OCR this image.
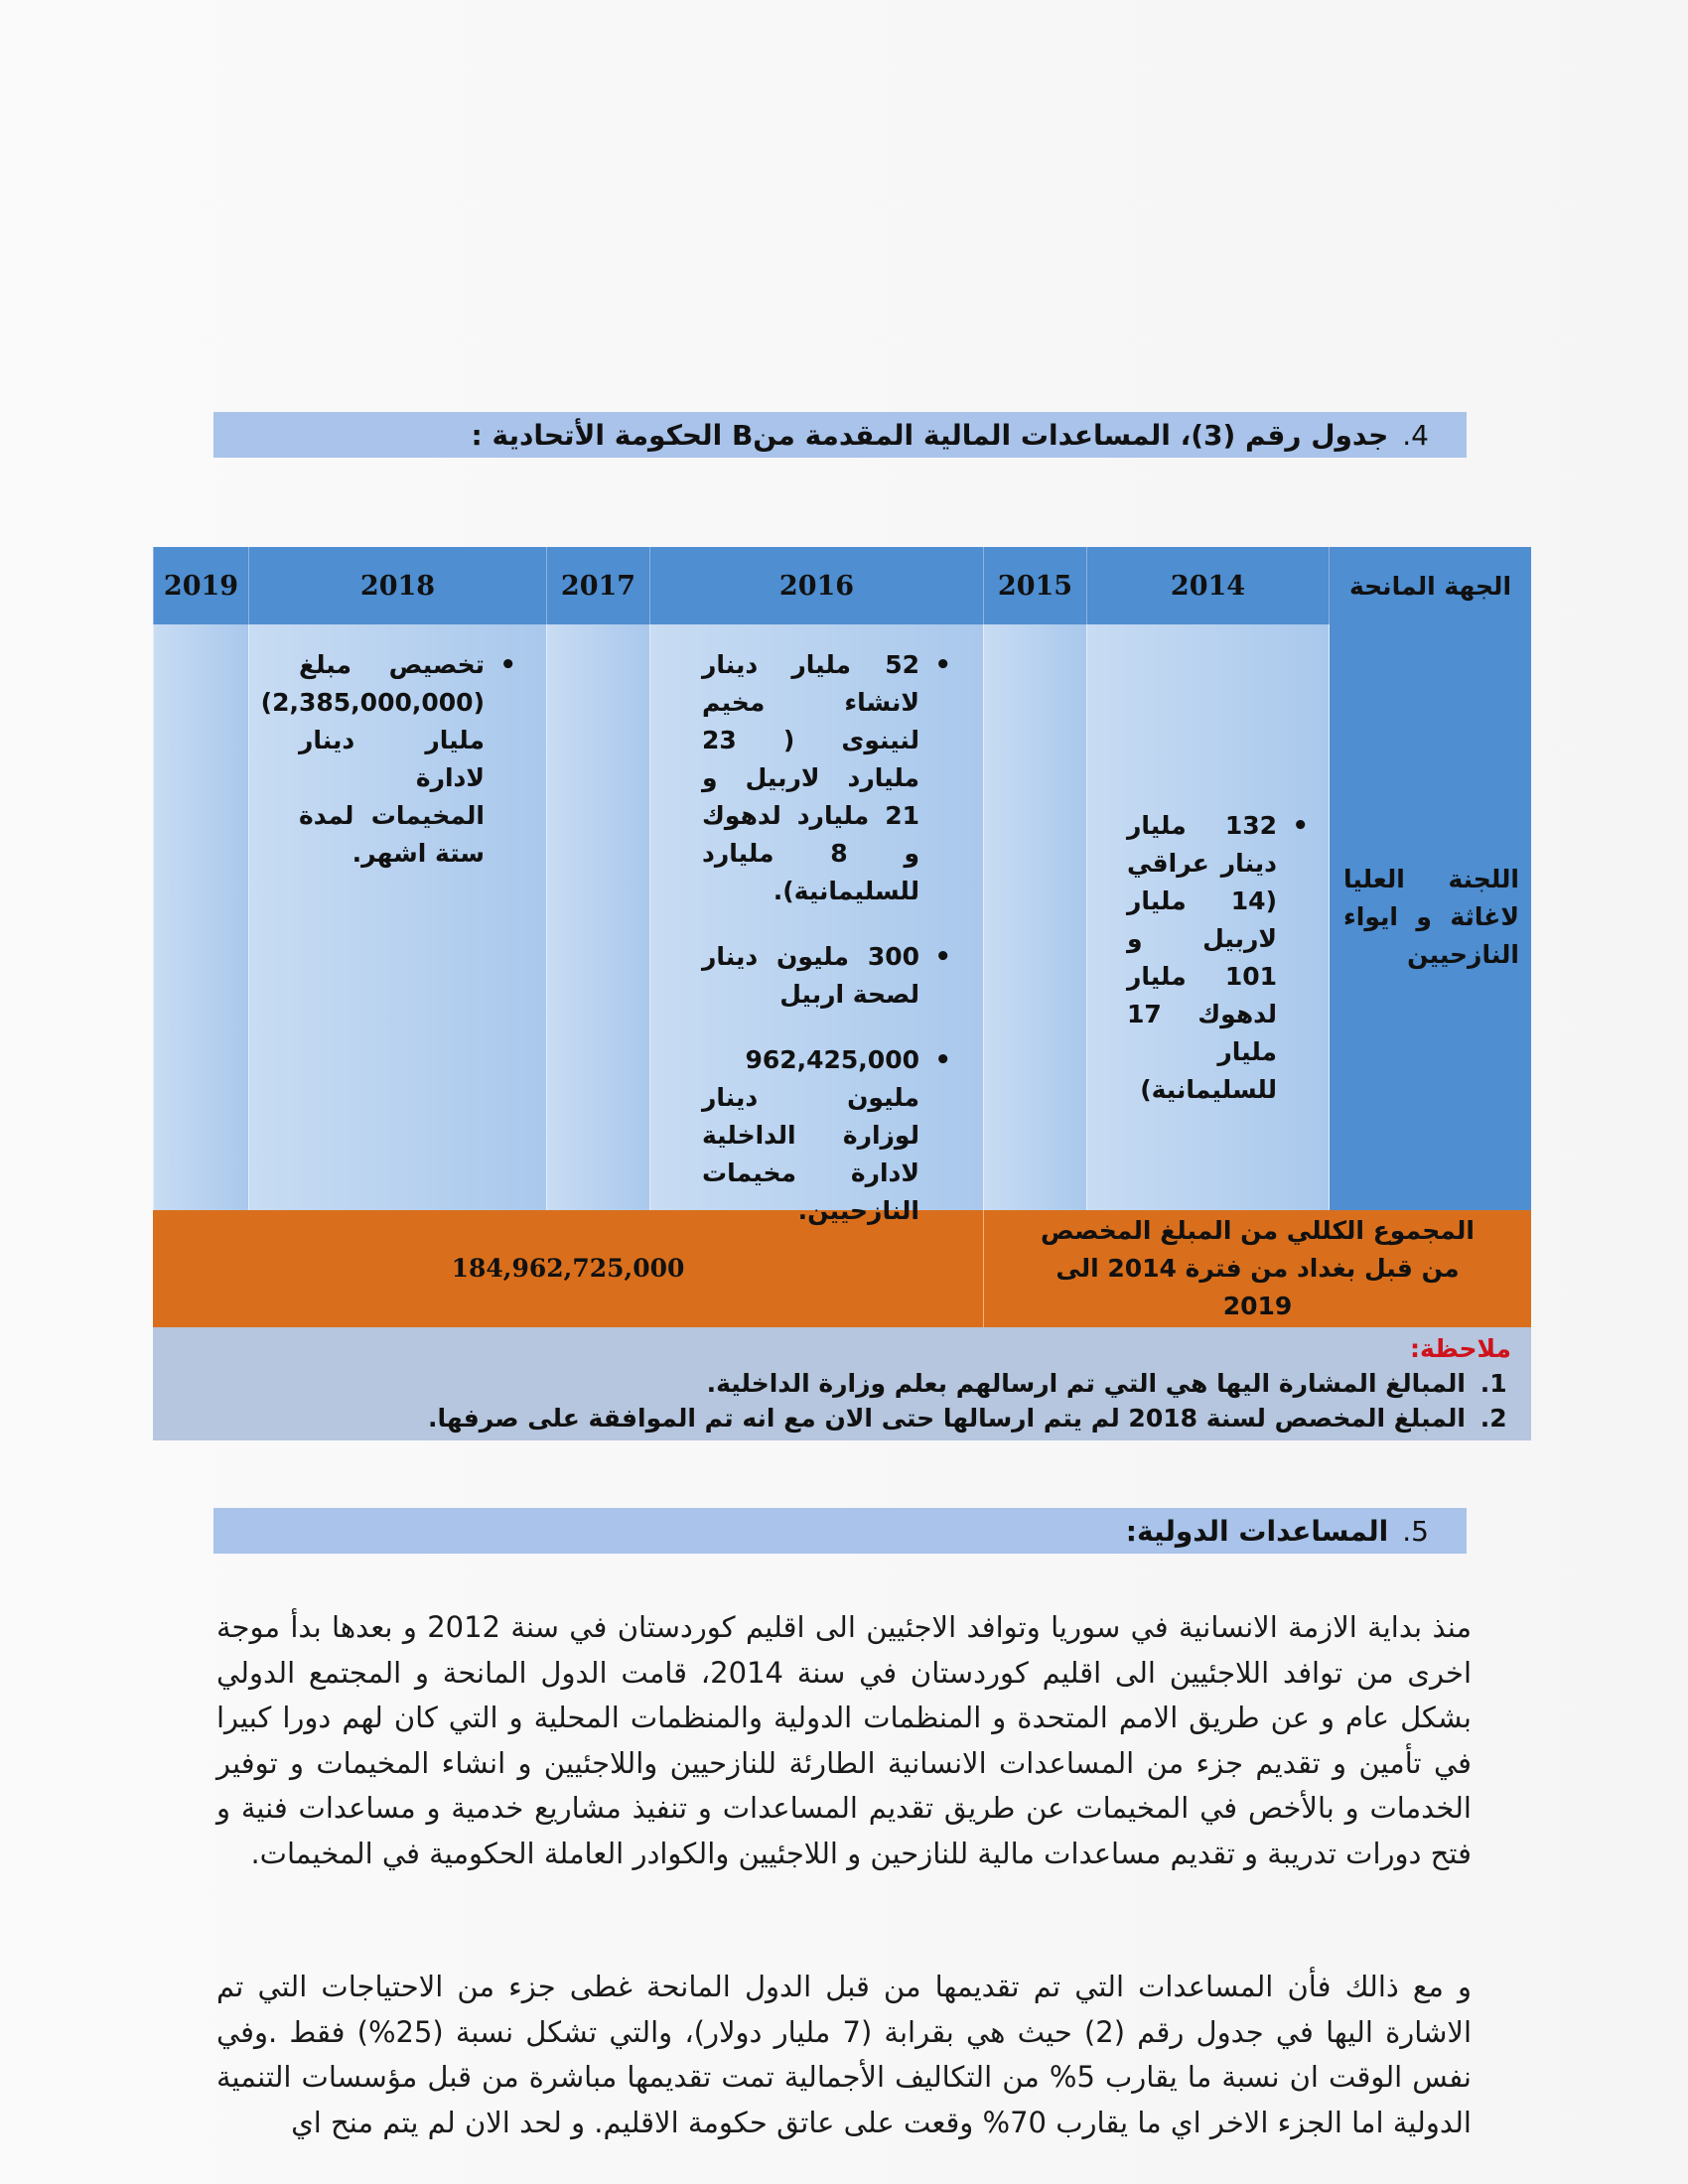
4.
جدول رقم (3)، المساعدات المالية المقدمة منB الحكومة الأتحادية :
الجهة المانحة
2014
2015
2016
2017
2018
2019
اللجنة العليا لاغاثة و ايواء النازحيين
• 132 مليار دينار عراقي (14 مليار لاربيل و 101 مليار لدهوك 17 مليار للسليمانية)
• 52 مليار دينار لانشاء مخيم لنينوى ( 23 مليارد لاربيل و 21 مليارد لدهوك و 8 مليارد للسليمانية).
• 300 مليون دينار لصحة اربيل
• 962,425,000 مليون دينار لوزارة الداخلية لادارة مخيمات النازحيين.
• تخصيص مبلغ (2,385,000,000) مليار دينار لادارة المخيمات لمدة ستة اشهر.
المجموع الكللي من المبلغ المخصص من قبل بغداد من فترة 2014 الى 2019
184,962,725,000
ملاحظة:
1. المبالغ المشارة اليها هي التي تم ارسالهم بعلم وزارة الداخلية.
2. المبلغ المخصص لسنة 2018 لم يتم ارسالها حتى الان مع انه تم الموافقة على صرفها.
5.
المساعدات الدولية:

منذ بداية الازمة الانسانية في سوريا وتوافد الاجئيين الى اقليم كوردستان في سنة 2012 و بعدها بدأ موجة اخرى من توافد اللاجئيين الى اقليم كوردستان في سنة 2014، قامت الدول المانحة و المجتمع الدولي بشكل عام و عن طريق الامم المتحدة و المنظمات الدولية والمنظمات المحلية و التي كان لهم دورا كبيرا في تأمين و تقديم جزء من المساعدات الانسانية الطارئة للنازحيين واللاجئيين و انشاء المخيمات و توفير الخدمات و بالأخص في المخيمات عن طريق تقديم المساعدات و تنفيذ مشاريع خدمية و مساعدات فنية و فتح دورات تدريبة و تقديم مساعدات مالية للنازحين و اللاجئيين والكوادر العاملة الحكومية في المخيمات.

و مع ذالك فأن المساعدات التي تم تقديمها من قبل الدول المانحة غطى جزء من الاحتياجات التي تم الاشارة اليها في جدول رقم (2) حيث هي بقرابة (7 مليار دولار)، والتي تشكل نسبة (25%) فقط .وفي نفس الوقت ان نسبة ما يقارب 5% من التكاليف الأجمالية تمت تقديمها مباشرة من قبل مؤسسات التنمية الدولية اما الجزء الاخر اي ما يقارب 70% وقعت على عاتق حكومة الاقليم. و لحد الان لم يتم منح اي
